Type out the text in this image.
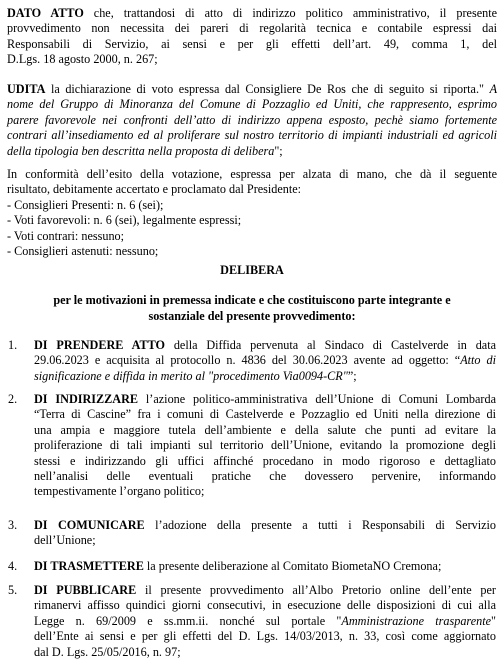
DATO ATTO che, trattandosi di atto di indirizzo politico amministrativo, il presente
provvedimento non necessita dei pareri di regolarità tecnica e contabile espressi dai
Responsabili di Servizio, ai sensi e per gli effetti dell’art. 49, comma 1, del
D.Lgs. 18 agosto 2000, n. 267;
UDITA la dichiarazione di voto espressa dal Consigliere De Ros che di seguito si riporta." A
nome del Gruppo di Minoranza del Comune di Pozzaglio ed Uniti, che rappresento, esprimo
parere favorevole nei confronti dell’atto di indirizzo appena esposto, pechè siamo fortemente
contrari all’insediamento ed al proliferare sul nostro territorio di impianti industriali ed agricoli
della tipologia ben descritta nella proposta di delibera";
In conformità dell’esito della votazione, espressa per alzata di mano, che dà il seguente
risultato, debitamente accertato e proclamato dal Presidente:
- Consiglieri Presenti: n. 6 (sei);
- Voti favorevoli: n. 6 (sei), legalmente espressi;
- Voti contrari: nessuno;
- Consiglieri astenuti: nessuno;
DELIBERA
per le motivazioni in premessa indicate e che costituiscono parte integrante e
sostanziale del presente provvedimento:
1.	DI PRENDERE ATTO della Diffida pervenuta al Sindaco di Castelverde in data
29.06.2023 e acquisita al protocollo n. 4836 del 30.06.2023 avente ad oggetto: “Atto di
significazione e diffida in merito al "procedimento Via0094-CR"”;
2.	DI INDIRIZZARE l’azione politico-amministrativa dell’Unione di Comuni Lombarda
“Terra di Cascine” fra i comuni di Castelverde e Pozzaglio ed Uniti nella direzione di
una ampia e maggiore tutela dell’ambiente e della salute che punti ad evitare la
proliferazione di tali impianti sul territorio dell’Unione, evitando la promozione degli
stessi e indirizzando gli uffici affinché procedano in modo rigoroso e dettagliato
nell’analisi delle eventuali pratiche che dovessero pervenire, informando
tempestivamente l’organo politico;
3.	DI COMUNICARE l’adozione della presente a tutti i Responsabili di Servizio
dell’Unione;
4.	DI TRASMETTERE la presente deliberazione al Comitato BiometaNO Cremona;
5.	DI PUBBLICARE il presente provvedimento all’Albo Pretorio online dell’ente per
rimanervi affisso quindici giorni consecutivi, in esecuzione delle disposizioni di cui alla
Legge n. 69/2009 e ss.mm.ii. nonché sul portale "Amministrazione trasparente"
dell’Ente ai sensi e per gli effetti del D. Lgs. 14/03/2013, n. 33, così come aggiornato
dal D. Lgs. 25/05/2016, n. 97;
